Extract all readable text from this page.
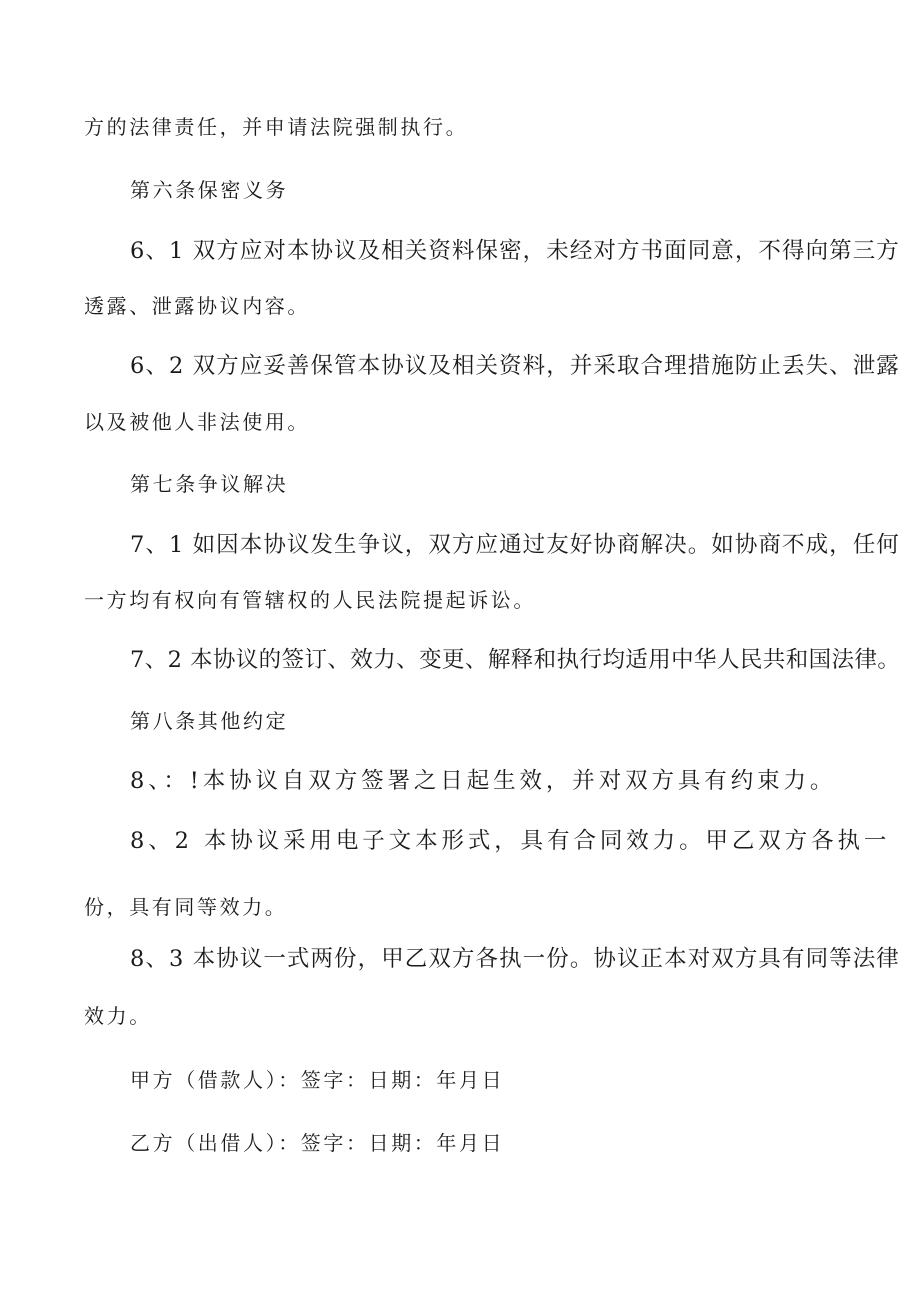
方的法律责任，并申请法院强制执行。
第六条保密义务
6、1 双方应对本协议及相关资料保密，未经对方书面同意，不得向第三方
透露、泄露协议内容。
6、2 双方应妥善保管本协议及相关资料，并采取合理措施防止丢失、泄露
以及被他人非法使用。
第七条争议解决
7、1 如因本协议发生争议，双方应通过友好协商解决。如协商不成，任何
一方均有权向有管辖权的人民法院提起诉讼。
7、2 本协议的签订、效力、变更、解释和执行均适用中华人民共和国法律。
第八条其他约定
8、：!本协议自双方签署之日起生效，并对双方具有约束力。
8、2 本协议采用电子文本形式，具有合同效力。甲乙双方各执一
份，具有同等效力。
8、3 本协议一式两份，甲乙双方各执一份。协议正本对双方具有同等法律
效力。
甲方（借款人）：签字：日期：年月日
乙方（出借人）：签字：日期：年月日
